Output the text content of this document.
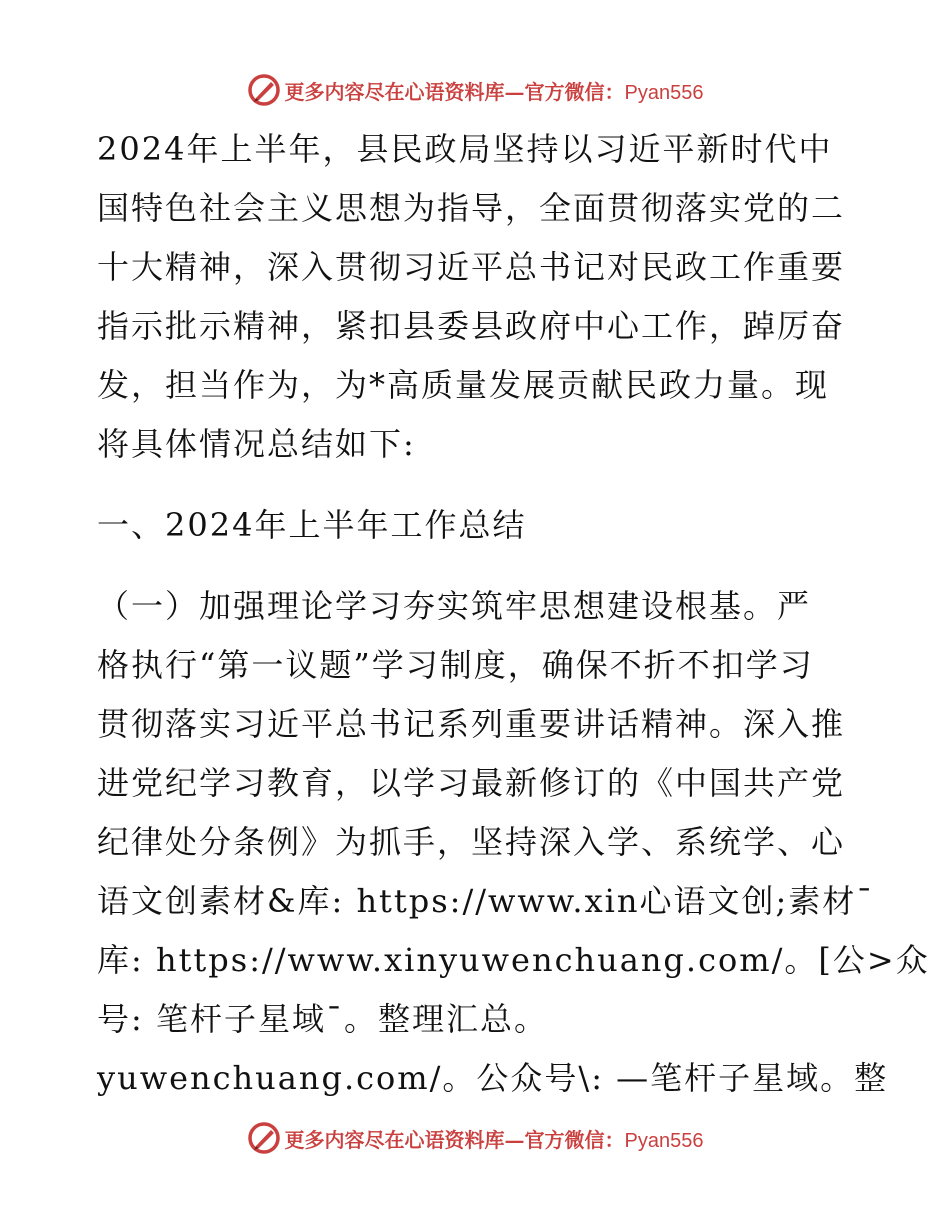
更多内容尽在心语资料库—官方微信：Pyan556
2024年上半年，县民政局坚持以习近平新时代中
国特色社会主义思想为指导，全面贯彻落实党的二
十大精神，深入贯彻习近平总书记对民政工作重要
指示批示精神，紧扣县委县政府中心工作，踔厉奋
发，担当作为，为*高质量发展贡献民政力量。现
将具体情况总结如下:
一、2024年上半年工作总结
（一）加强理论学习夯实筑牢思想建设根基。严
格执行“第一议题”学习制度，确保不折不扣学习
贯彻落实习近平总书记系列重要讲话精神。深入推
进党纪学习教育，以学习最新修订的《中国共产党
纪律处分条例》为抓手，坚持深入学、系统学、心
语文创素材&库: https://www.xin心语文创;素材¯
库: https://www.xinyuwenchuang.com/。[公>众
号: 笔杆子星域¯。整理汇总。
yuwenchuang.com/。公众号\: —笔杆子星域。整
更多内容尽在心语资料库—官方微信：Pyan556
